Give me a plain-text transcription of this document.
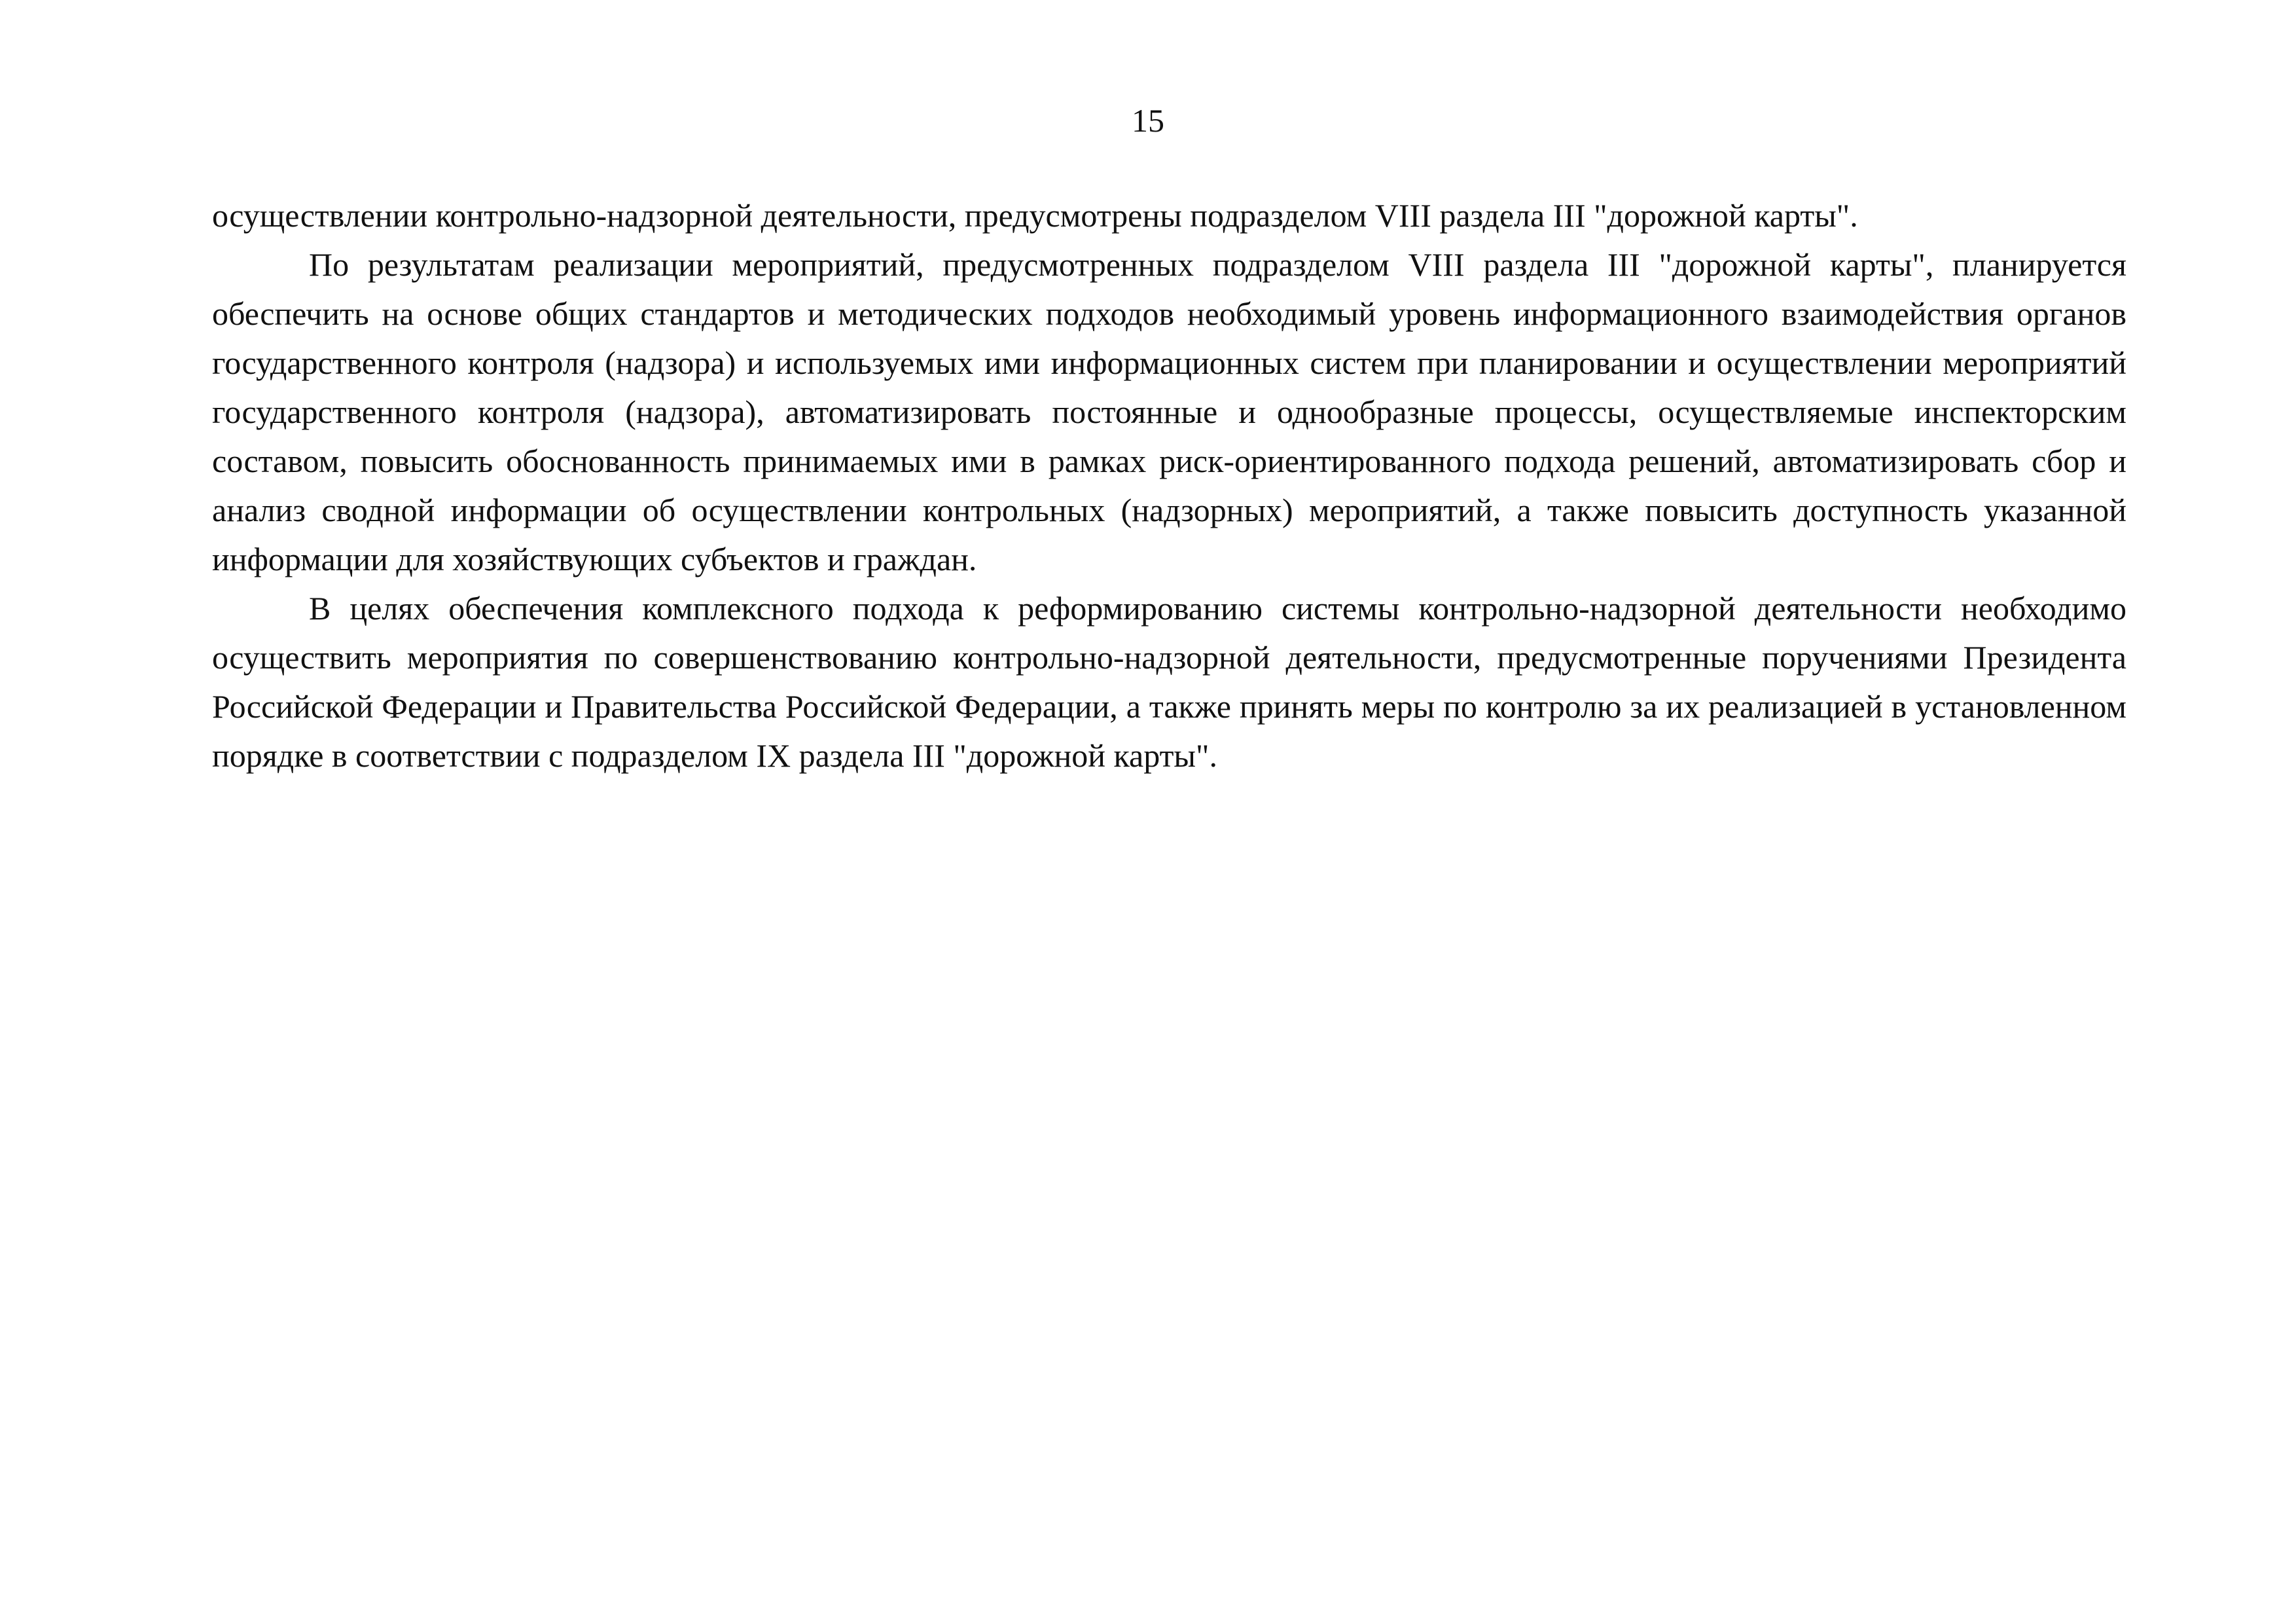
15

осуществлении контрольно-надзорной деятельности, предусмотрены подразделом VIII раздела III "дорожной карты".

По результатам реализации мероприятий, предусмотренных подразделом VIII раздела III "дорожной карты", планируется обеспечить на основе общих стандартов и методических подходов необходимый уровень информационного взаимодействия органов государственного контроля (надзора) и используемых ими информационных систем при планировании и осуществлении мероприятий государственного контроля (надзора), автоматизировать постоянные и однообразные процессы, осуществляемые инспекторским составом, повысить обоснованность принимаемых ими в рамках риск-ориентированного подхода решений, автоматизировать сбор и анализ сводной информации об осуществлении контрольных (надзорных) мероприятий, а также повысить доступность указанной информации для хозяйствующих субъектов и граждан.

В целях обеспечения комплексного подхода к реформированию системы контрольно-надзорной деятельности необходимо осуществить мероприятия по совершенствованию контрольно-надзорной деятельности, предусмотренные поручениями Президента Российской Федерации и Правительства Российской Федерации, а также принять меры по контролю за их реализацией в установленном порядке в соответствии с подразделом IX раздела III "дорожной карты".
